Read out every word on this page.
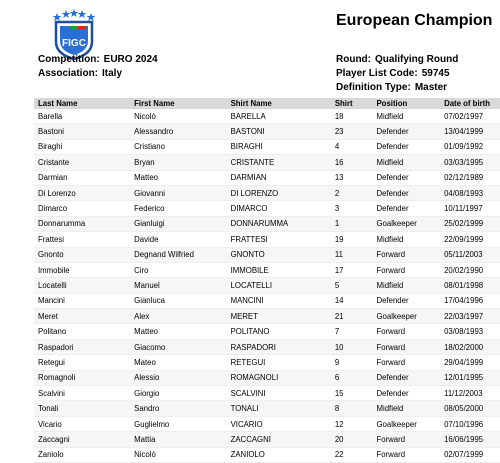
FIGC
European Champion
Competition: EURO 2024
Association: Italy
Round: Qualifying Round
Player List Code: 59745
Definition Type: Master
Last Name	First Name	Shirt Name	Shirt	Position	Date of birth
Barella	Nicolò	BARELLA	18	Midfield	07/02/1997
Bastoni	Alessandro	BASTONI	23	Defender	13/04/1999
Biraghi	Cristiano	BIRAGHI	4	Defender	01/09/1992
Cristante	Bryan	CRISTANTE	16	Midfield	03/03/1995
Darmian	Matteo	DARMIAN	13	Defender	02/12/1989
Di Lorenzo	Giovanni	DI LORENZO	2	Defender	04/08/1993
Dimarco	Federico	DIMARCO	3	Defender	10/11/1997
Donnarumma	Gianluigi	DONNARUMMA	1	Goalkeeper	25/02/1999
Frattesi	Davide	FRATTESI	19	Midfield	22/09/1999
Gnonto	Degnand Wilfried	GNONTO	11	Forward	05/11/2003
Immobile	Ciro	IMMOBILE	17	Forward	20/02/1990
Locatelli	Manuel	LOCATELLI	5	Midfield	08/01/1998
Mancini	Gianluca	MANCINI	14	Defender	17/04/1996
Meret	Alex	MERET	21	Goalkeeper	22/03/1997
Politano	Matteo	POLITANO	7	Forward	03/08/1993
Raspadori	Giacomo	RASPADORI	10	Forward	18/02/2000
Retegui	Mateo	RETEGUI	9	Forward	29/04/1999
Romagnoli	Alessio	ROMAGNOLI	6	Defender	12/01/1995
Scalvini	Giorgio	SCALVINI	15	Defender	11/12/2003
Tonali	Sandro	TONALI	8	Midfield	08/05/2000
Vicario	Guglielmo	VICARIO	12	Goalkeeper	07/10/1996
Zaccagni	Mattia	ZACCAGNI	20	Forward	16/06/1995
Zaniolo	Nicolò	ZANIOLO	22	Forward	02/07/1999
